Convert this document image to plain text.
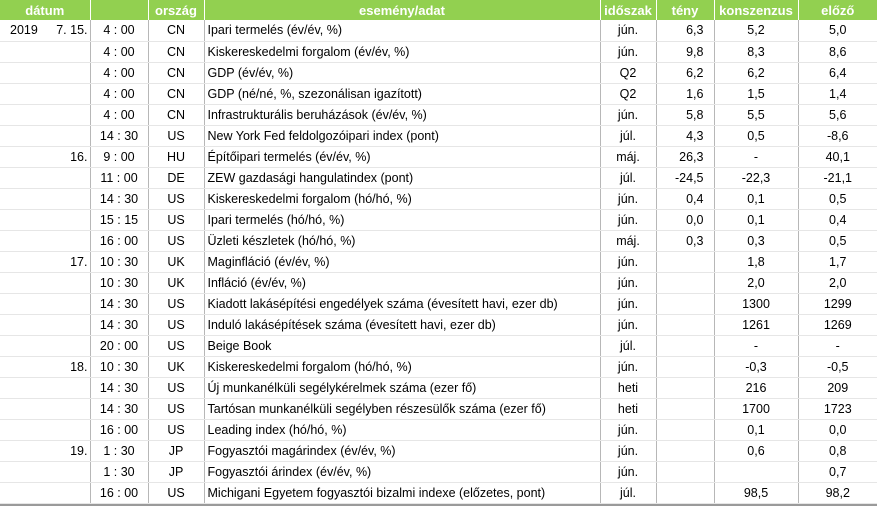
dátum			ország	esemény/adat	időszak	tény	konszenzus	előző
2019	7. 15.	4 : 00	CN	Ipari termelés (év/év, %)	jún.	6,3	5,2	5,0
		4 : 00	CN	Kiskereskedelmi forgalom (év/év, %)	jún.	9,8	8,3	8,6
		4 : 00	CN	GDP (év/év, %)	Q2	6,2	6,2	6,4
		4 : 00	CN	GDP (né/né, %, szezonálisan igazított)	Q2	1,6	1,5	1,4
		4 : 00	CN	Infrastrukturális beruházások (év/év, %)	jún.	5,8	5,5	5,6
		14 : 30	US	New York Fed feldolgozóipari index (pont)	júl.	4,3	0,5	-8,6
	16.	9 : 00	HU	Építőipari termelés (év/év, %)	máj.	26,3	-	40,1
		11 : 00	DE	ZEW gazdasági hangulatindex (pont)	júl.	-24,5	-22,3	-21,1
		14 : 30	US	Kiskereskedelmi forgalom (hó/hó, %)	jún.	0,4	0,1	0,5
		15 : 15	US	Ipari termelés (hó/hó, %)	jún.	0,0	0,1	0,4
		16 : 00	US	Üzleti készletek (hó/hó, %)	máj.	0,3	0,3	0,5
	17.	10 : 30	UK	Maginfláció (év/év, %)	jún.		1,8	1,7
		10 : 30	UK	Infláció (év/év, %)	jún.		2,0	2,0
		14 : 30	US	Kiadott lakásépítési engedélyek száma (évesített havi, ezer db)	jún.		1300	1299
		14 : 30	US	Induló lakásépítések száma (évesített havi, ezer db)	jún.		1261	1269
		20 : 00	US	Beige Book	júl.		-	-
	18.	10 : 30	UK	Kiskereskedelmi forgalom (hó/hó, %)	jún.		-0,3	-0,5
		14 : 30	US	Új munkanélküli segélykérelmek száma (ezer fő)	heti		216	209
		14 : 30	US	Tartósan munkanélküli segélyben részesülők száma (ezer fő)	heti		1700	1723
		16 : 00	US	Leading index (hó/hó, %)	jún.		0,1	0,0
	19.	1 : 30	JP	Fogyasztói magárindex (év/év, %)	jún.		0,6	0,8
		1 : 30	JP	Fogyasztói árindex (év/év, %)	jún.			0,7
		16 : 00	US	Michigani Egyetem fogyasztói bizalmi indexe (előzetes, pont)	júl.		98,5	98,2
